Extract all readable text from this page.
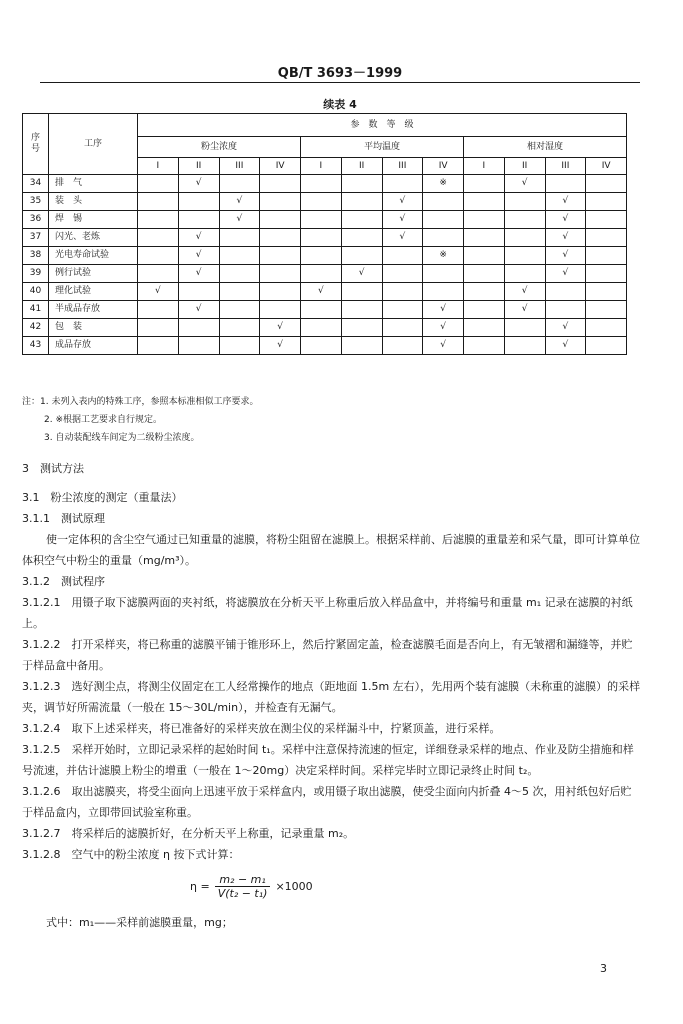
QB/T 3693－1999
续表 4
序
号	工序	参　数　等　级											
		粉尘浓度				平均温度				相对湿度			
		I	II	III	IV	I	II	III	IV	I	II	III	IV
34	排　气		√						※		√		
35	装　头			√				√				√	
36	焊　锡			√				√				√	
37	闪光、老炼		√					√				√	
38	光电寿命试验		√						※			√	
39	例行试验		√				√					√	
40	理化试验	√				√					√		
41	半成品存放		√						√		√		
42	包　装				√				√			√	
43	成品存放				√				√			√	
注：1. 未列入表内的特殊工序，参照本标准相似工序要求。
2. ※根据工艺要求自行规定。
3. 自动装配线车间定为二级粉尘浓度。

3　测试方法

3.1　粉尘浓度的测定（重量法）

3.1.1　测试原理

使一定体积的含尘空气通过已知重量的滤膜，将粉尘阻留在滤膜上。根据采样前、后滤膜的重量差和采气量，即可计算单位体积空气中粉尘的重量（mg/m³）。

3.1.2　测试程序

3.1.2.1　用镊子取下滤膜两面的夹衬纸，将滤膜放在分析天平上称重后放入样品盒中，并将编号和重量 m₁ 记录在滤膜的衬纸上。

3.1.2.2　打开采样夹，将已称重的滤膜平铺于锥形环上，然后拧紧固定盖，检查滤膜毛面是否向上，有无皱褶和漏缝等，并贮于样品盒中备用。

3.1.2.3　选好测尘点，将测尘仪固定在工人经常操作的地点（距地面 1.5m 左右），先用两个装有滤膜（未称重的滤膜）的采样夹，调节好所需流量（一般在 15～30L/min），并检查有无漏气。

3.1.2.4　取下上述采样夹，将已准备好的采样夹放在测尘仪的采样漏斗中，拧紧顶盖，进行采样。

3.1.2.5　采样开始时，立即记录采样的起始时间 t₁。采样中注意保持流速的恒定，详细登录采样的地点、作业及防尘措施和样号流速，并估计滤膜上粉尘的增重（一般在 1～20mg）决定采样时间。采样完毕时立即记录终止时间 t₂。

3.1.2.6　取出滤膜夹，将受尘面向上迅速平放于采样盒内，或用镊子取出滤膜，使受尘面向内折叠 4～5 次，用衬纸包好后贮于样品盒内，立即带回试验室称重。

3.1.2.7　将采样后的滤膜折好，在分析天平上称重，记录重量 m₂。

3.1.2.8　空气中的粉尘浓度 η 按下式计算：

$\eta = \frac{\text{m₂ − m₁}}{\text{V(t₂ − t₁)}} \times 1000$
式中：m₁——采样前滤膜重量，mg；
3
